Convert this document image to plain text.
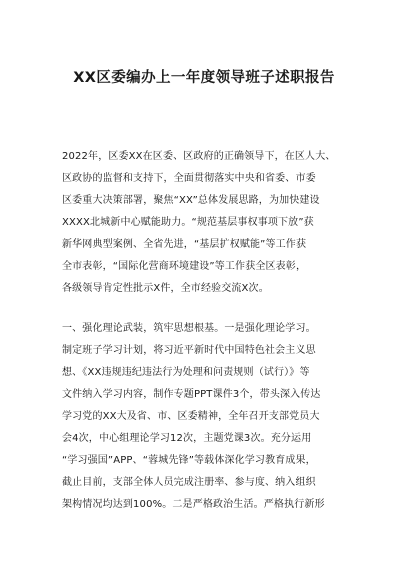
XX区委编办上一年度领导班子述职报告
2022年，区委XX在区委、区政府的正确领导下，在区人大、
区政协的监督和支持下，全面贯彻落实中央和省委、市委
区委重大决策部署，聚焦“XX”总体发展思路，为加快建设
XXXX北城新中心赋能助力。“规范基层事权事项下放”获
新华网典型案例、全省先进，“基层扩权赋能”等工作获
全市表彰，“国际化营商环境建设”等工作获全区表彰，
各级领导肯定性批示X件，全市经验交流X次。
一、强化理论武装，筑牢思想根基。一是强化理论学习。
制定班子学习计划，将习近平新时代中国特色社会主义思
想、《XX违规违纪违法行为处理和问责规则（试行）》等
文件纳入学习内容，制作专题PPT课件3个，带头深入传达
学习党的XX大及省、市、区委精神，全年召开支部党员大
会4次，中心组理论学习12次，主题党课3次。充分运用
“学习强国”APP、“蓉城先锋”等载体深化学习教育成果，
截止目前，支部全体人员完成注册率、参与度、纳入组织
架构情况均达到100%。二是严格政治生活。严格执行新形
